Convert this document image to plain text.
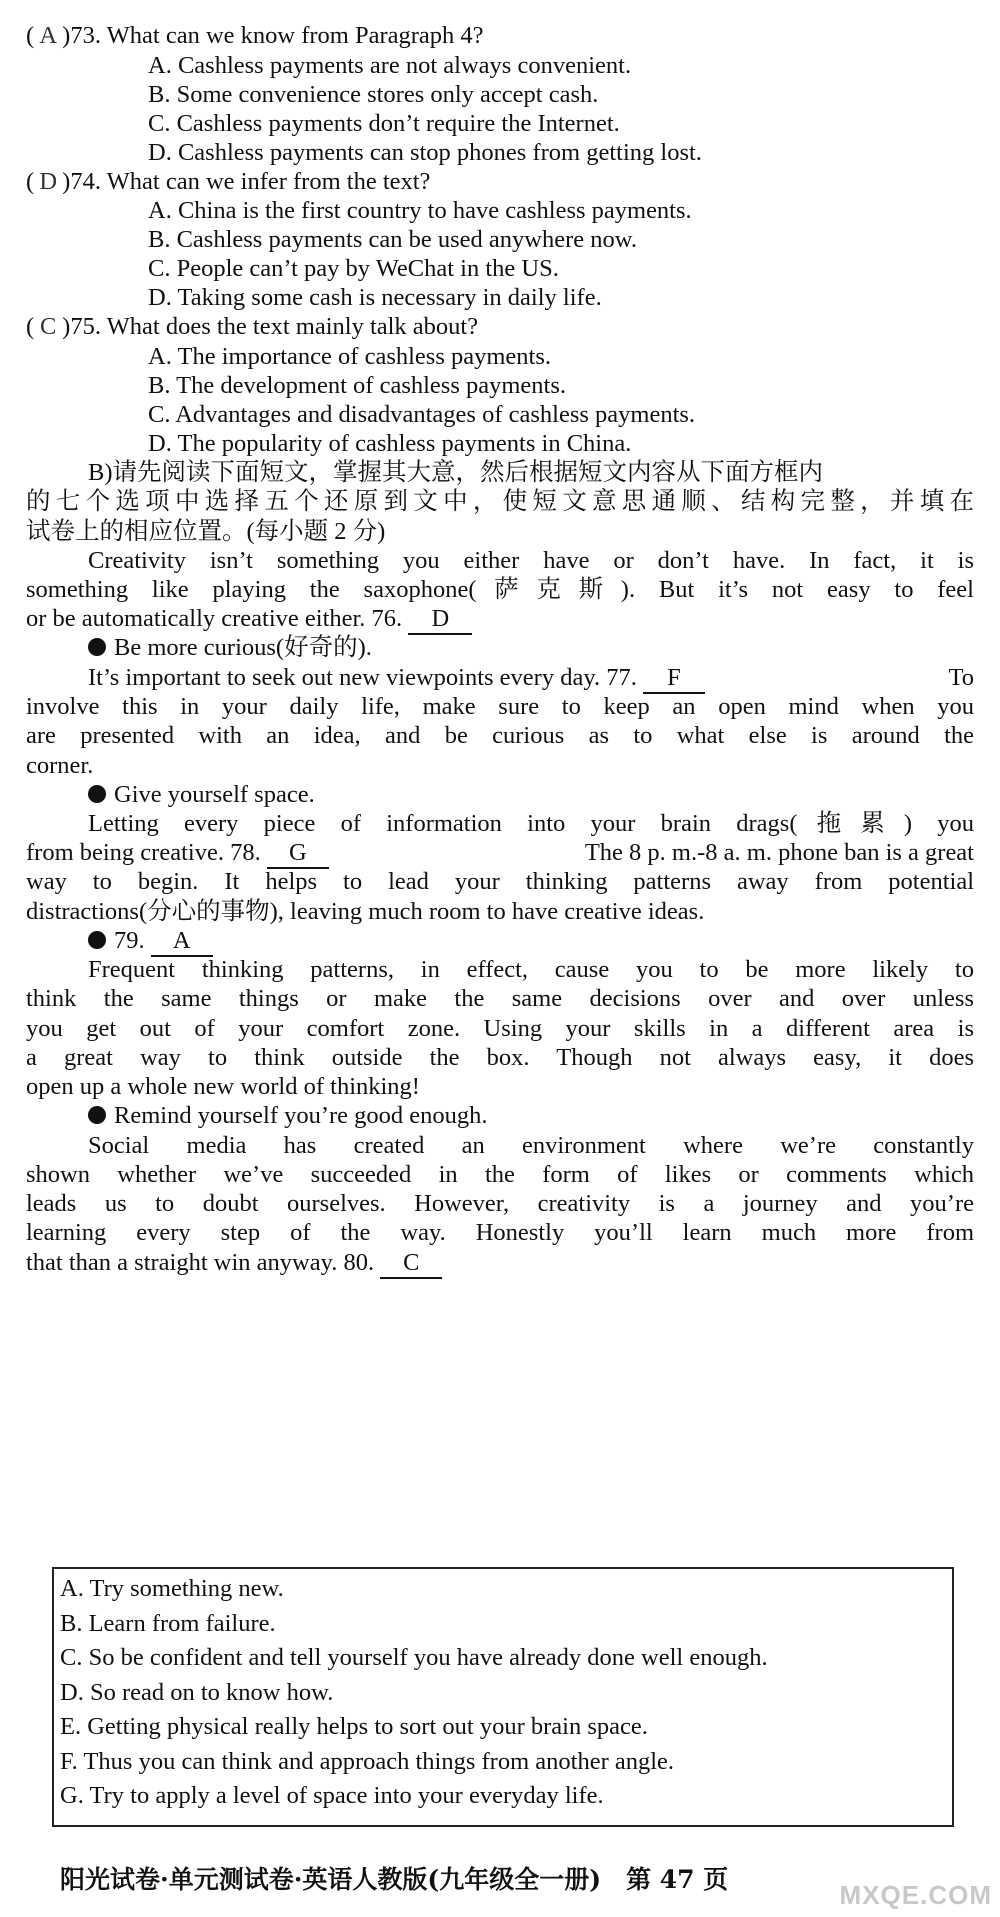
( A )73. What can we know from Paragraph 4?
A. Cashless payments are not always convenient.
B. Some convenience stores only accept cash.
C. Cashless payments don’t require the Internet.
D. Cashless payments can stop phones from getting lost.
( D )74. What can we infer from the text?
A. China is the first country to have cashless payments.
B. Cashless payments can be used anywhere now.
C. People can’t pay by WeChat in the US.
D. Taking some cash is necessary in daily life.
( C )75. What does the text mainly talk about?
A. The importance of cashless payments.
B. The development of cashless payments.
C. Advantages and disadvantages of cashless payments.
D. The popularity of cashless payments in China.
B)请先阅读下面短文，掌握其大意，然后根据短文内容从下面方框内
的七个选项中选择五个还原到文中，使短文意思通顺、结构完整，并填在
试卷上的相应位置。(每小题 2 分)
Creativity isn’t something you either have or don’t have. In fact, it is
something like playing the saxophone(萨克斯). But it’s not easy to feel
or be automatically creative either. 76. D
Be more curious(好奇的).
It’s important to seek out new viewpoints every day. 77. F	To
involve this in your daily life, make sure to keep an open mind when you
are presented with an idea, and be curious as to what else is around the
corner.
Give yourself space.
Letting every piece of information into your brain drags(拖累) you
from being creative. 78. G	The 8 p. m.-8 a. m. phone ban is a great
way to begin. It helps to lead your thinking patterns away from potential
distractions(分心的事物), leaving much room to have creative ideas.
79. A
Frequent thinking patterns, in effect, cause you to be more likely to
think the same things or make the same decisions over and over unless
you get out of your comfort zone. Using your skills in a different area is
a great way to think outside the box. Though not always easy, it does
open up a whole new world of thinking!
Remind yourself you’re good enough.
Social media has created an environment where we’re constantly
shown whether we’ve succeeded in the form of likes or comments which
leads us to doubt ourselves. However, creativity is a journey and you’re
learning every step of the way. Honestly you’ll learn much more from
that than a straight win anyway. 80. C
A. Try something new.
B. Learn from failure.
C. So be confident and tell yourself you have already done well enough.
D. So read on to know how.
E. Getting physical really helps to sort out your brain space.
F. Thus you can think and approach things from another angle.
G. Try to apply a level of space into your everyday life.
阳光试卷·单元测试卷·英语人教版(九年级全一册)　第 47 页
MXQE.COM
